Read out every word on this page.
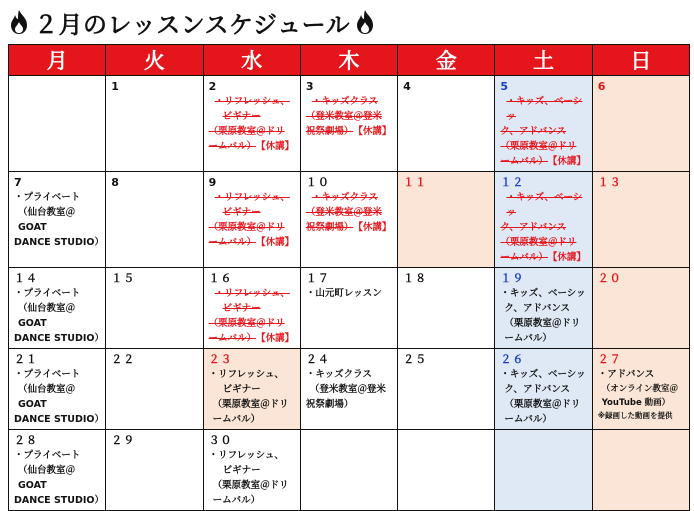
２月のレッスンスケジュール
月	火	水	木	金	土	日

	1	2
・リフレッシュ、
ビギナー
（栗原教室＠ドリ
ームバル）【休講】	3
・キッズクラス
（登米教室＠登米
祝祭劇場）【休講】	4	5
・キッズ、ベーシッ
ク、アドバンス
（栗原教室＠ドリ
ームバル）【休講】	6

7
・プライベート
（仙台教室＠GOAT
DANCE STUDIO）	8	9
・リフレッシュ、
ビギナー
（栗原教室＠ドリ
ームバル）【休講】	１０
・キッズクラス
（登米教室＠登米
祝祭劇場）【休講】	１１	１２
・キッズ、ベーシッ
ク、アドバンス
（栗原教室＠ドリ
ームバル）【休講】	１３

１４
・プライベート
（仙台教室＠GOAT
DANCE STUDIO）	１５	１６
・リフレッシュ、
ビギナー
（栗原教室＠ドリ
ームバル）【休講】	１７
・山元町レッスン	１８	１９
・キッズ、ベーシッ
ク、アドバンス
（栗原教室＠ドリ
ームバル）	２０

２１
・プライベート
（仙台教室＠GOAT
DANCE STUDIO）	２２	２３
・リフレッシュ、
ビギナー
（栗原教室＠ドリ
ームバル）	２４
・キッズクラス
（登米教室＠登米
祝祭劇場）	２５	２６
・キッズ、ベーシッ
ク、アドバンス
（栗原教室＠ドリ
ームバル）	２７
・アドバンス
（オンライン教室＠
YouTube 動画）
※録画した動画を提供

２８
・プライベート
（仙台教室＠GOAT
DANCE STUDIO）	２９	３０
・リフレッシュ、
ビギナー
（栗原教室＠ドリ
ームバル）				
